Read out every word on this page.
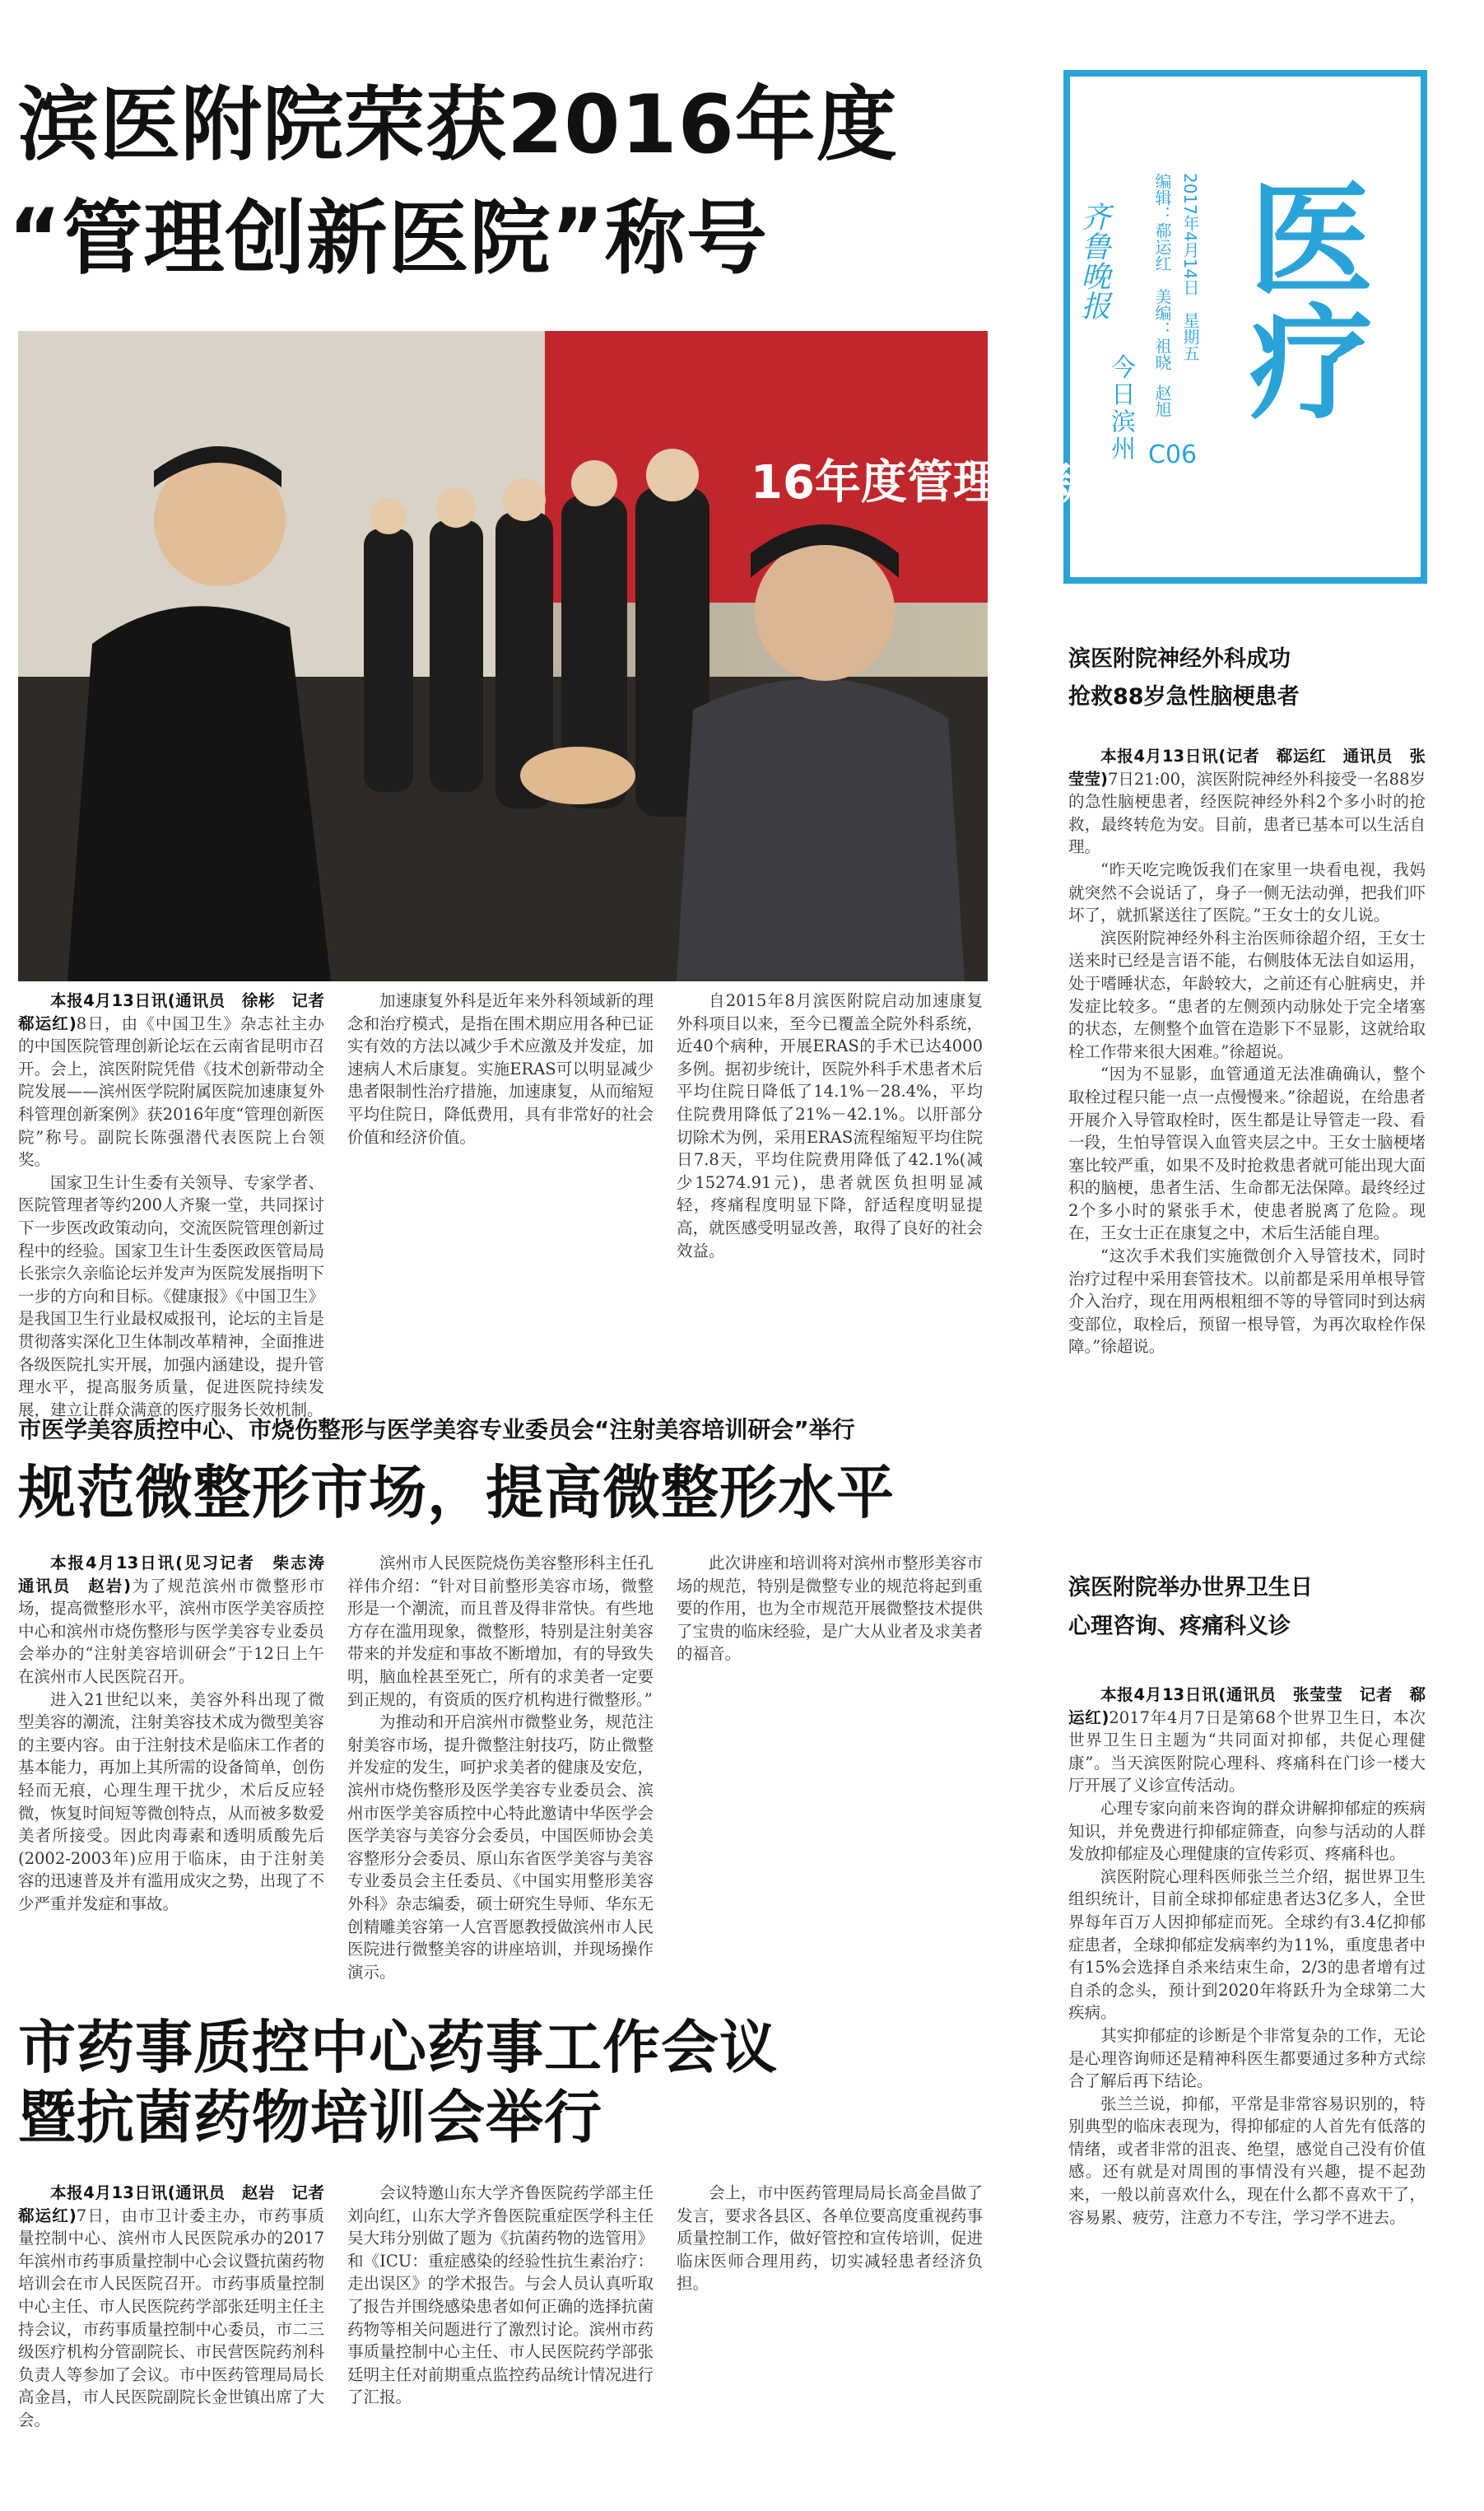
齐鲁晚报
今日滨州
编辑：郗运红 美编：祖晓 赵旭
2017年4月14日 星期五 医疗
C06
滨医附院荣获2016年度
“管理创新医院”称号
16年度管理创新

本报4月13日讯(通讯员　徐彬　记者　郗运红)8日，由《中国卫生》杂志社主办的中国医院管理创新论坛在云南省昆明市召开。会上，滨医附院凭借《技术创新带动全院发展——滨州医学院附属医院加速康复外科管理创新案例》获2016年度“管理创新医院”称号。副院长陈强潜代表医院上台领奖。

国家卫生计生委有关领导、专家学者、医院管理者等约200人齐聚一堂，共同探讨下一步医改政策动向，交流医院管理创新过程中的经验。国家卫生计生委医政医管局局长张宗久亲临论坛并发声为医院发展指明下一步的方向和目标。《健康报》《中国卫生》是我国卫生行业最权威报刊，论坛的主旨是贯彻落实深化卫生体制改革精神，全面推进各级医院扎实开展，加强内涵建设，提升管理水平，提高服务质量，促进医院持续发展，建立让群众满意的医疗服务长效机制。

加速康复外科是近年来外科领域新的理念和治疗模式，是指在围术期应用各种已证实有效的方法以减少手术应激及并发症，加速病人术后康复。实施ERAS可以明显减少患者限制性治疗措施，加速康复，从而缩短平均住院日，降低费用，具有非常好的社会价值和经济价值。

自2015年8月滨医附院启动加速康复外科项目以来，至今已覆盖全院外科系统，近40个病种，开展ERAS的手术已达4000多例。据初步统计，医院外科手术患者术后平均住院日降低了14.1%－28.4%，平均住院费用降低了21%－42.1%。以肝部分切除术为例，采用ERAS流程缩短平均住院日7.8天，平均住院费用降低了42.1%(减少15274.91元)，患者就医负担明显减轻，疼痛程度明显下降，舒适程度明显提高，就医感受明显改善，取得了良好的社会效益。

市医学美容质控中心、市烧伤整形与医学美容专业委员会“注射美容培训研会”举行
规范微整形市场，提高微整形水平

本报4月13日讯(见习记者　柴志涛　通讯员　赵岩)为了规范滨州市微整形市场，提高微整形水平，滨州市医学美容质控中心和滨州市烧伤整形与医学美容专业委员会举办的“注射美容培训研会”于12日上午在滨州市人民医院召开。

进入21世纪以来，美容外科出现了微型美容的潮流，注射美容技术成为微型美容的主要内容。由于注射技术是临床工作者的基本能力，再加上其所需的设备简单，创伤轻而无痕，心理生理干扰少，术后反应轻微，恢复时间短等微创特点，从而被多数爱美者所接受。因此肉毒素和透明质酸先后(2002-2003年)应用于临床，由于注射美容的迅速普及并有滥用成灾之势，出现了不少严重并发症和事故。

滨州市人民医院烧伤美容整形科主任孔祥伟介绍：“针对目前整形美容市场，微整形是一个潮流，而且普及得非常快。有些地方存在滥用现象，微整形，特别是注射美容带来的并发症和事故不断增加，有的导致失明，脑血栓甚至死亡，所有的求美者一定要到正规的，有资质的医疗机构进行微整形。”

为推动和开启滨州市微整业务，规范注射美容市场，提升微整注射技巧，防止微整并发症的发生，呵护求美者的健康及安危，滨州市烧伤整形及医学美容专业委员会、滨州市医学美容质控中心特此邀请中华医学会医学美容与美容分会委员，中国医师协会美容整形分会委员、原山东省医学美容与美容专业委员会主任委员、《中国实用整形美容外科》杂志编委，硕士研究生导师、华东无创精雕美容第一人宫晋愿教授做滨州市人民医院进行微整美容的讲座培训，并现场操作演示。

此次讲座和培训将对滨州市整形美容市场的规范，特别是微整专业的规范将起到重要的作用，也为全市规范开展微整技术提供了宝贵的临床经验，是广大从业者及求美者的福音。

市药事质控中心药事工作会议
暨抗菌药物培训会举行

本报4月13日讯(通讯员　赵岩　记者　郗运红)7日，由市卫计委主办，市药事质量控制中心、滨州市人民医院承办的2017年滨州市药事质量控制中心会议暨抗菌药物培训会在市人民医院召开。市药事质量控制中心主任、市人民医院药学部张廷明主任主持会议，市药事质量控制中心委员，市二三级医疗机构分管副院长、市民营医院药剂科负责人等参加了会议。市中医药管理局局长高金昌，市人民医院副院长金世镇出席了大会。

会议特邀山东大学齐鲁医院药学部主任刘向红，山东大学齐鲁医院重症医学科主任吴大玮分别做了题为《抗菌药物的选管用》和《ICU：重症感染的经验性抗生素治疗：走出误区》的学术报告。与会人员认真听取了报告并围绕感染患者如何正确的选择抗菌药物等相关问题进行了激烈讨论。滨州市药事质量控制中心主任、市人民医院药学部张廷明主任对前期重点监控药品统计情况进行了汇报。

会上，市中医药管理局局长高金昌做了发言，要求各县区、各单位要高度重视药事质量控制工作，做好管控和宣传培训，促进临床医师合理用药，切实减轻患者经济负担。

滨医附院神经外科成功
抢救88岁急性脑梗患者

本报4月13日讯(记者　郗运红　通讯员　张莹莹)7日21:00，滨医附院神经外科接受一名88岁的急性脑梗患者，经医院神经外科2个多小时的抢救，最终转危为安。目前，患者已基本可以生活自理。

“昨天吃完晚饭我们在家里一块看电视，我妈就突然不会说话了，身子一侧无法动弹，把我们吓坏了，就抓紧送往了医院。”王女士的女儿说。

滨医附院神经外科主治医师徐超介绍，王女士送来时已经是言语不能，右侧肢体无法自如运用，处于嗜睡状态，年龄较大，之前还有心脏病史，并发症比较多。“患者的左侧颈内动脉处于完全堵塞的状态，左侧整个血管在造影下不显影，这就给取栓工作带来很大困难。”徐超说。

“因为不显影，血管通道无法准确确认，整个取栓过程只能一点一点慢慢来。”徐超说，在给患者开展介入导管取栓时，医生都是让导管走一段、看一段，生怕导管误入血管夹层之中。王女士脑梗堵塞比较严重，如果不及时抢救患者就可能出现大面积的脑梗，患者生活、生命都无法保障。最终经过2个多小时的紧张手术，使患者脱离了危险。现在，王女士正在康复之中，术后生活能自理。

“这次手术我们实施微创介入导管技术，同时治疗过程中采用套管技术。以前都是采用单根导管介入治疗，现在用两根粗细不等的导管同时到达病变部位，取栓后，预留一根导管，为再次取栓作保障。”徐超说。

滨医附院举办世界卫生日
心理咨询、疼痛科义诊

本报4月13日讯(通讯员　张莹莹　记者　郗运红)2017年4月7日是第68个世界卫生日，本次世界卫生日主题为“共同面对抑郁，共促心理健康”。当天滨医附院心理科、疼痛科在门诊一楼大厅开展了义诊宣传活动。

心理专家向前来咨询的群众讲解抑郁症的疾病知识，并免费进行抑郁症筛查，向参与活动的人群发放抑郁症及心理健康的宣传彩页、疼痛科也。

滨医附院心理科医师张兰兰介绍，据世界卫生组织统计，目前全球抑郁症患者达3亿多人，全世界每年百万人因抑郁症而死。全球约有3.4亿抑郁症患者，全球抑郁症发病率约为11%，重度患者中有15%会选择自杀来结束生命，2/3的患者增有过自杀的念头，预计到2020年将跃升为全球第二大疾病。

其实抑郁症的诊断是个非常复杂的工作，无论是心理咨询师还是精神科医生都要通过多种方式综合了解后再下结论。

张兰兰说，抑郁，平常是非常容易识别的，特别典型的临床表现为，得抑郁症的人首先有低落的情绪，或者非常的沮丧、绝望，感觉自己没有价值感。还有就是对周围的事情没有兴趣，提不起劲来，一般以前喜欢什么，现在什么都不喜欢干了，容易累、疲劳，注意力不专注，学习学不进去。
